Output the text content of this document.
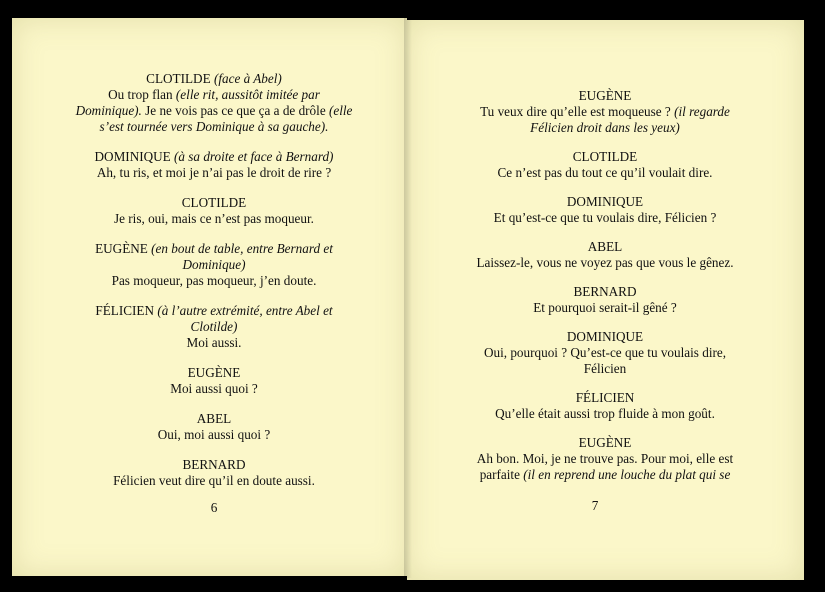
CLOTILDE (face à Abel)
Ou trop flan (elle rit, aussitôt imitée par
Dominique). Je ne vois pas ce que ça a de drôle (elle
s’est tournée vers Dominique à sa gauche).
DOMINIQUE (à sa droite et face à Bernard)
Ah, tu ris, et moi je n’ai pas le droit de rire ?
CLOTILDE
Je ris, oui, mais ce n’est pas moqueur.
EUGÈNE (en bout de table, entre Bernard et
Dominique)
Pas moqueur, pas moqueur, j’en doute.
FÉLICIEN (à l’autre extrémité, entre Abel et
Clotilde)
Moi aussi.
EUGÈNE
Moi aussi quoi ?
ABEL
Oui, moi aussi quoi ?
BERNARD
Félicien veut dire qu’il en doute aussi.
6
EUGÈNE
Tu veux dire qu’elle est moqueuse ? (il regarde
Félicien droit dans les yeux)
CLOTILDE
Ce n’est pas du tout ce qu’il voulait dire.
DOMINIQUE
Et qu’est-ce que tu voulais dire, Félicien ?
ABEL
Laissez-le, vous ne voyez pas que vous le gênez.
BERNARD
Et pourquoi serait-il gêné ?
DOMINIQUE
Oui, pourquoi ? Qu’est-ce que tu voulais dire,
Félicien
FÉLICIEN
Qu’elle était aussi trop fluide à mon goût.
EUGÈNE
Ah bon. Moi, je ne trouve pas. Pour moi, elle est
parfaite (il en reprend une louche du plat qui se
7
